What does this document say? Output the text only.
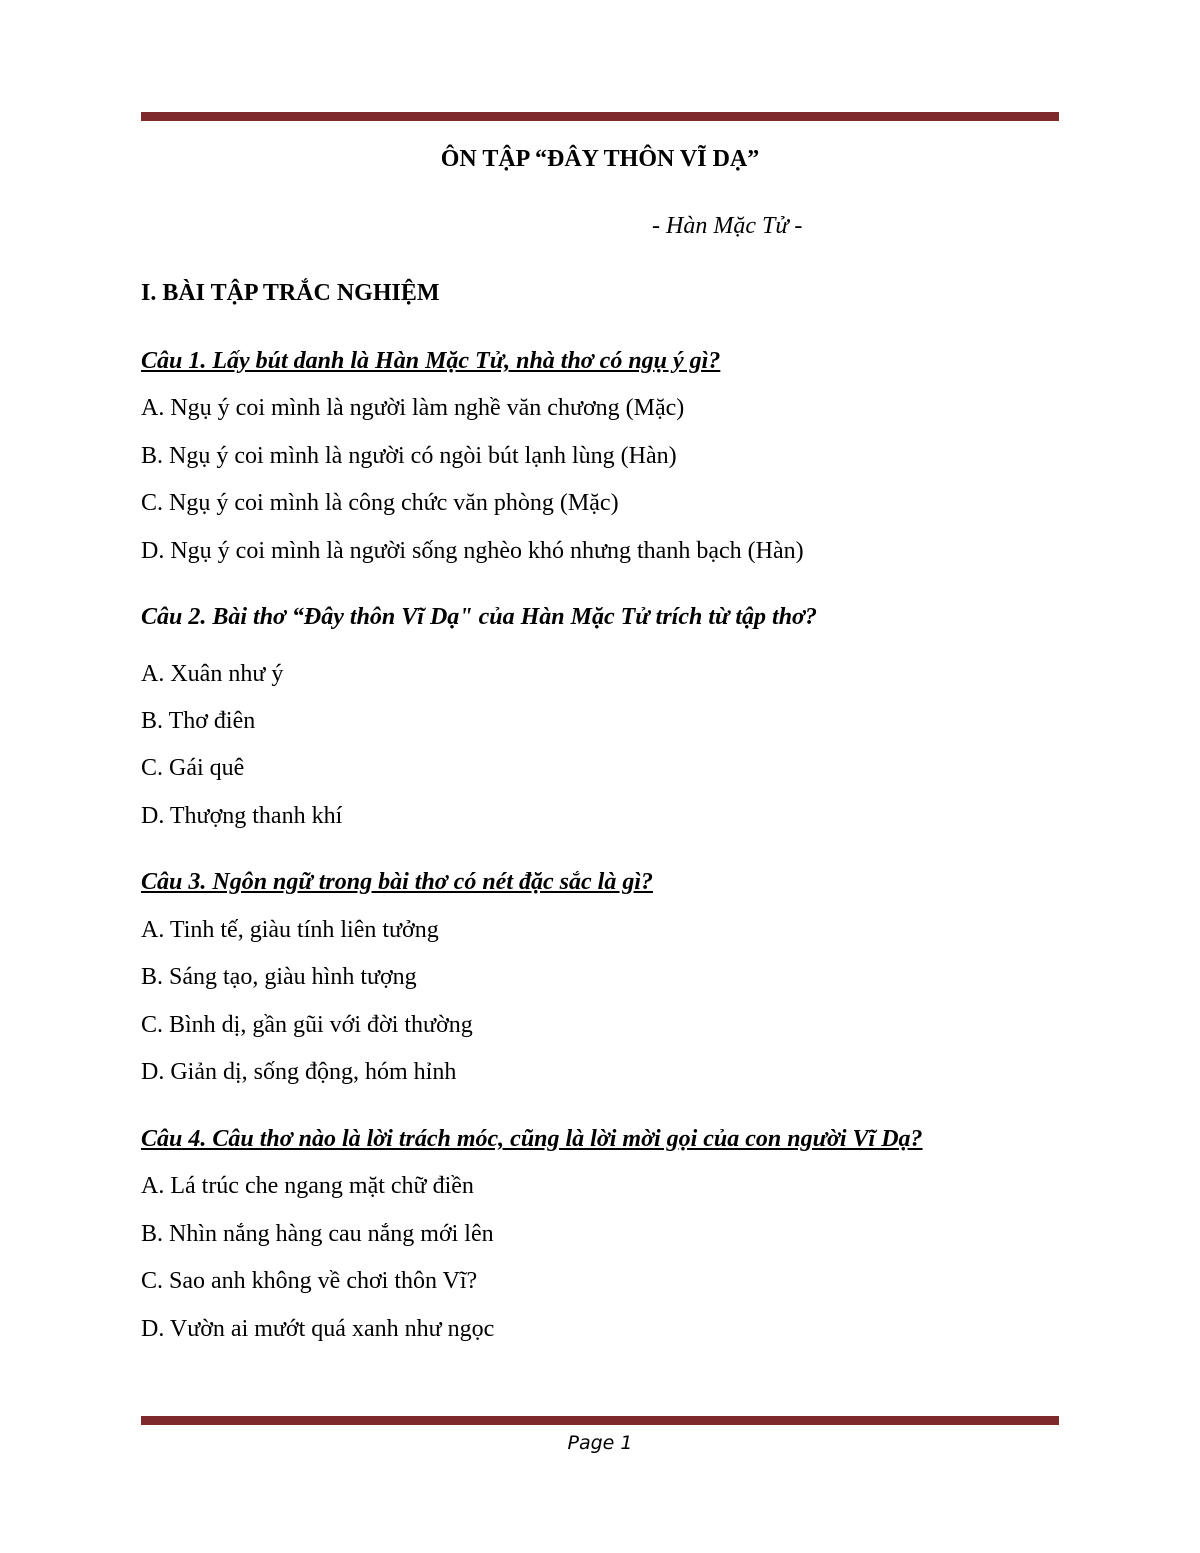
ÔN TẬP “ĐÂY THÔN VĨ DẠ”
- Hàn Mặc Tử -
I. BÀI TẬP TRẮC NGHIỆM
Câu 1. Lấy bút danh là Hàn Mặc Tử, nhà thơ có ngụ ý gì?
A. Ngụ ý coi mình là người làm nghề văn chương (Mặc)
B. Ngụ ý coi mình là người có ngòi bút lạnh lùng (Hàn)
C. Ngụ ý coi mình là công chức văn phòng (Mặc)
D. Ngụ ý coi mình là người sống nghèo khó nhưng thanh bạch (Hàn)
Câu 2. Bài thơ “Đây thôn Vĩ Dạ" của Hàn Mặc Tử trích từ tập thơ?
A. Xuân như ý
B. Thơ điên
C. Gái quê
D. Thượng thanh khí
Câu 3. Ngôn ngữ trong bài thơ có nét đặc sắc là gì?
A. Tinh tế, giàu tính liên tưởng
B. Sáng tạo, giàu hình tượng
C. Bình dị, gần gũi với đời thường
D. Giản dị, sống động, hóm hỉnh
Câu 4. Câu thơ nào là lời trách móc, cũng là lời mời gọi của con người Vĩ Dạ?
A. Lá trúc che ngang mặt chữ điền
B. Nhìn nắng hàng cau nắng mới lên
C. Sao anh không về chơi thôn Vĩ?
D. Vườn ai mướt quá xanh như ngọc
Page 1
